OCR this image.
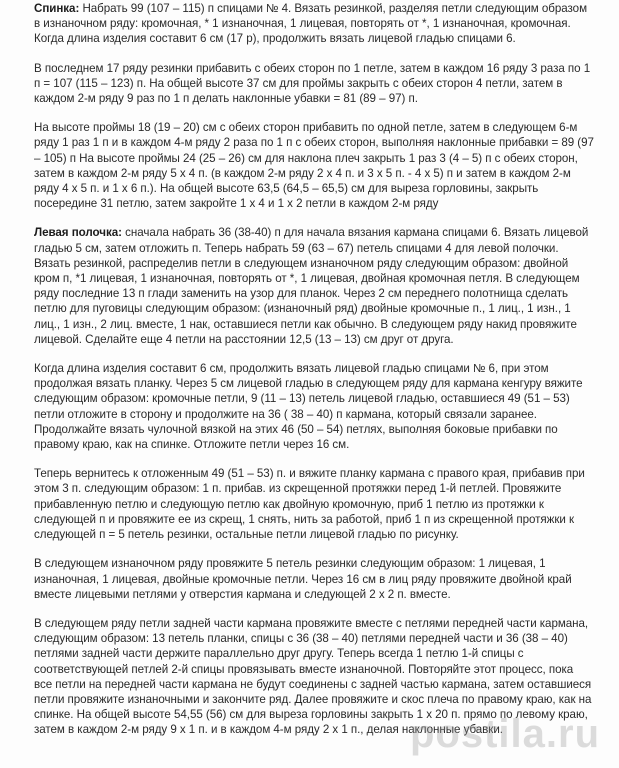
Спинка: Набрать 99 (107 – 115) п спицами № 4. Вязать резинкой, разделяя петли следующим образом в изнаночном ряду: кромочная, * 1 изнаночная, 1 лицевая, повторять от *, 1 изнаночная, кромочная. Когда длина изделия составит 6 см (17 р), продолжить вязать лицевой гладью спицами 6.

В последнем 17 ряду резинки прибавить с обеих сторон по 1 петле, затем в каждом 16 ряду 3 раза по 1 п = 107 (115 – 123) п. На общей высоте 37 см для проймы закрыть с обеих сторон 4 петли, затем в каждом 2-м ряду 9 раз по 1 п делать наклонные убавки = 81 (89 – 97) п.

На высоте проймы 18 (19 – 20) см с обеих сторон прибавить по одной петле, затем в следующем 6-м ряду 1 раз 1 п и в каждом 4-м ряду 2 раза по 1 п с обеих сторон, выполняя наклонные прибавки = 89 (97 – 105) п На высоте проймы 24 (25 – 26) см для наклона плеч закрыть 1 раз 3 (4 – 5) п с обеих сторон, затем в каждом 2-м ряду 5 х 4 п. (в каждом 2-м ряду 2 х 4 п. и 3 х 5 п. - 4 х 5) п и затем в каждом 2-м ряду 4 х 5 п. и 1 х 6 п.). На общей высоте 63,5 (64,5 – 65,5) см для выреза горловины, закрыть посередине 31 петлю, затем закройте 1 х 4 и 1 х 2 петли в каждом 2-м ряду

Левая полочка: сначала набрать 36 (38-40) п для начала вязания кармана спицами 6. Вязать лицевой гладью 5 см, затем отложить п. Теперь набрать 59 (63 – 67) петель спицами 4 для левой полочки. Вязать резинкой, распределив петли в следующем изнаночном ряду следующим образом: двойной кром п, *1 лицевая, 1 изнаночная, повторять от *, 1 лицевая, двойная кромочная петля. В следующем ряду последние 13 п глади заменить на узор для планок. Через 2 см переднего полотнища сделать петлю для пуговицы следующим образом: (изнаночный ряд) двойные кромочные п., 1 лиц., 1 изн., 1 лиц., 1 изн., 2 лиц. вместе, 1 нак, оставшиеся петли как обычно. В следующем ряду накид провяжите лицевой. Сделайте еще 4 петли на расстоянии 12,5 (13 – 13) см друг от друга.

Когда длина изделия составит 6 см, продолжить вязать лицевой гладью спицами № 6, при этом продолжая вязать планку. Через 5 см лицевой гладью в следующем ряду для кармана кенгуру вяжите следующим образом: кромочные петли, 9 (11 – 13) петель лицевой гладью, оставшиеся 49 (51 – 53) петли отложите в сторону и продолжите на 36 ( 38 – 40) п кармана, который связали заранее. Продолжайте вязать чулочной вязкой на этих 46 (50 – 54) петлях, выполняя боковые прибавки по правому краю, как на спинке. Отложите петли через 16 см.

Теперь вернитесь к отложенным 49 (51 – 53) п. и вяжите планку кармана с правого края, прибавив при этом 3 п. следующим образом: 1 п. прибав. из скрещенной протяжки перед 1-й петлей. Провяжите прибавленную петлю и следующую петлю как двойную кромочную, приб 1 петлю из протяжки к следующей п и провяжите ее из скрещ, 1 снять, нить за работой, приб 1 п из скрещенной протяжки к следующей п = 5 петель резинки, остальные петли лицевой гладью по рисунку.

В следующем изнаночном ряду провяжите 5 петель резинки следующим образом: 1 лицевая, 1 изнаночная, 1 лицевая, двойные кромочные петли. Через 16 см в лиц ряду провяжите двойной край вместе лицевыми петлями у отверстия кармана и следующей 2 х 2 п. вместе.

В следующем ряду петли задней части кармана провяжите вместе с петлями передней части кармана, следующим образом: 13 петель планки, спицы с 36 (38 – 40) петлями передней части и 36 (38 – 40) петлями задней части держите параллельно друг другу. Теперь всегда 1 петлю 1-й спицы с соответствующей петлей 2-й спицы провязывать вместе изнаночной. Повторяйте этот процесс, пока все петли на передней части кармана не будут соединены с задней частью кармана, затем оставшиеся петли провяжите изнаночными и закончите ряд. Далее провяжите и скос плеча по правому краю, как на спинке. На общей высоте 54,55 (56) см для выреза горловины закрыть 1 х 20 п. прямо по левому краю, затем в каждом 2-м ряду 9 х 1 п. и в каждом 4-м ряду 2 х 1 п., делая наклонные убавки.

postila.ru
